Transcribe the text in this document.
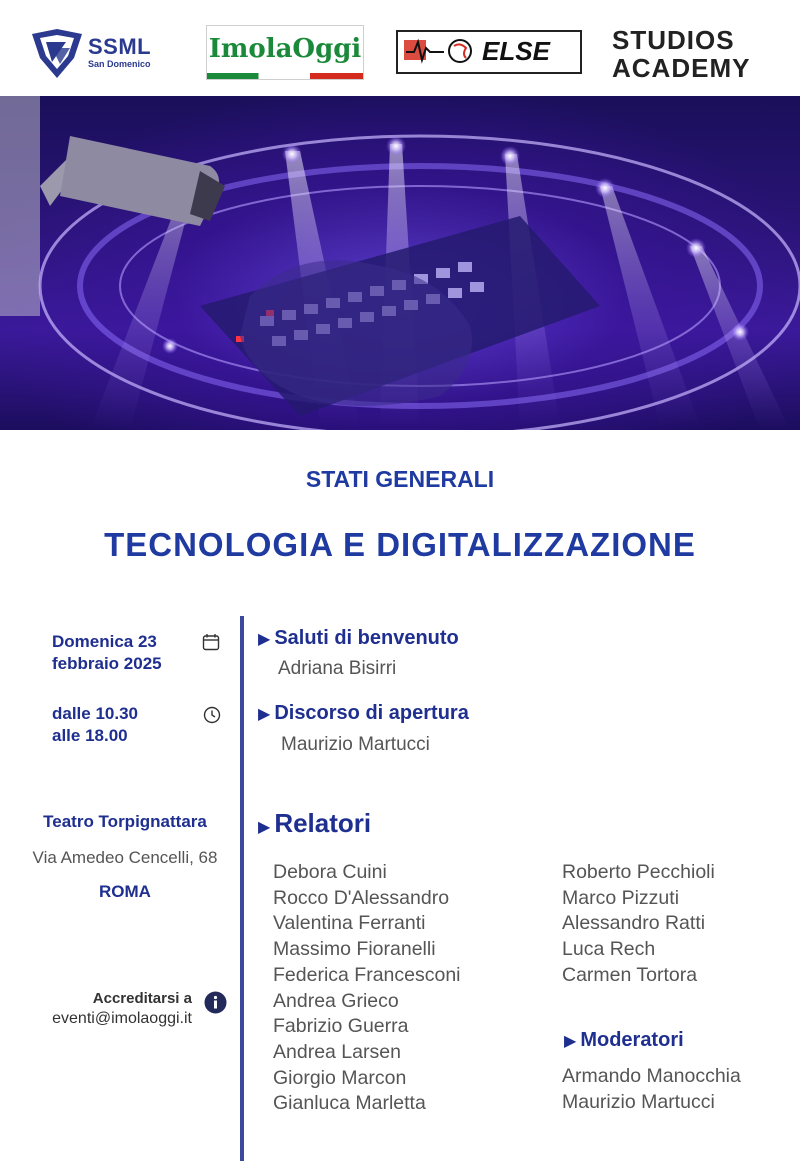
SSML
San Domenico ImolaOggi	ELSE STUDIOS
ACADEMY
STATI GENERALI
TECNOLOGIA E DIGITALIZZAZIONE
Domenica 23
febbraio 2025
dalle 10.30
alle 18.00
Teatro Torpignattara
Via Amedeo Cencelli, 68
ROMA
Accreditarsi a
eventi@imolaoggi.it
▶ Saluti di benvenuto
Adriana Bisirri
▶ Discorso di apertura
Maurizio Martucci
▶ Relatori
Debora Cuini
Rocco D'Alessandro
Valentina Ferranti
Massimo Fioranelli
Federica Francesconi
Andrea Grieco
Fabrizio Guerra
Andrea Larsen
Giorgio Marcon
Gianluca Marletta
Roberto Pecchioli
Marco Pizzuti
Alessandro Ratti
Luca Rech
Carmen Tortora
▶ Moderatori
Armando Manocchia
Maurizio Martucci
